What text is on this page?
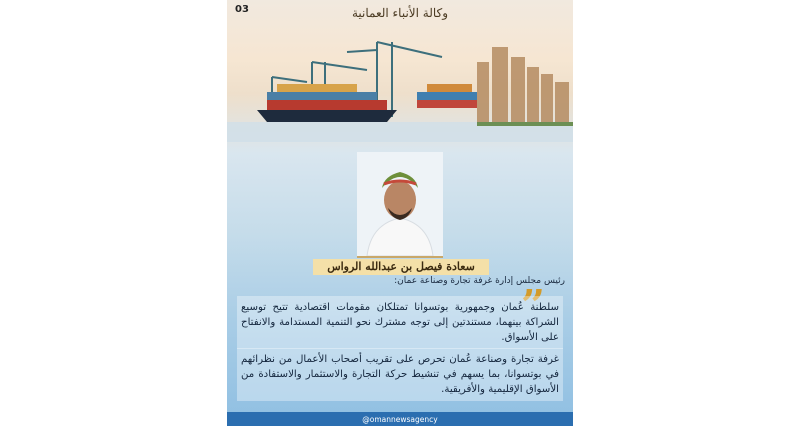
03	وكالة الأنباء العمانية
سعادة فيصل بن عبدالله الرواس
رئيس مجلس إدارة غرفة تجارة وصناعة عمان:
”
سلطنة عُمان وجمهورية بوتسوانا تمتلكان مقومات اقتصادية تتيح توسيع الشراكة بينهما، مستندتين إلى توجه مشترك نحو التنمية المستدامة والانفتاح على الأسواق.
غرفة تجارة وصناعة عُمان تحرص على تقريب أصحاب الأعمال من نظرائهم في بوتسوانا، بما يسهم في تنشيط حركة التجارة والاستثمار والاستفادة من الأسواق الإقليمية والأفريقية.
@omannewsagency
